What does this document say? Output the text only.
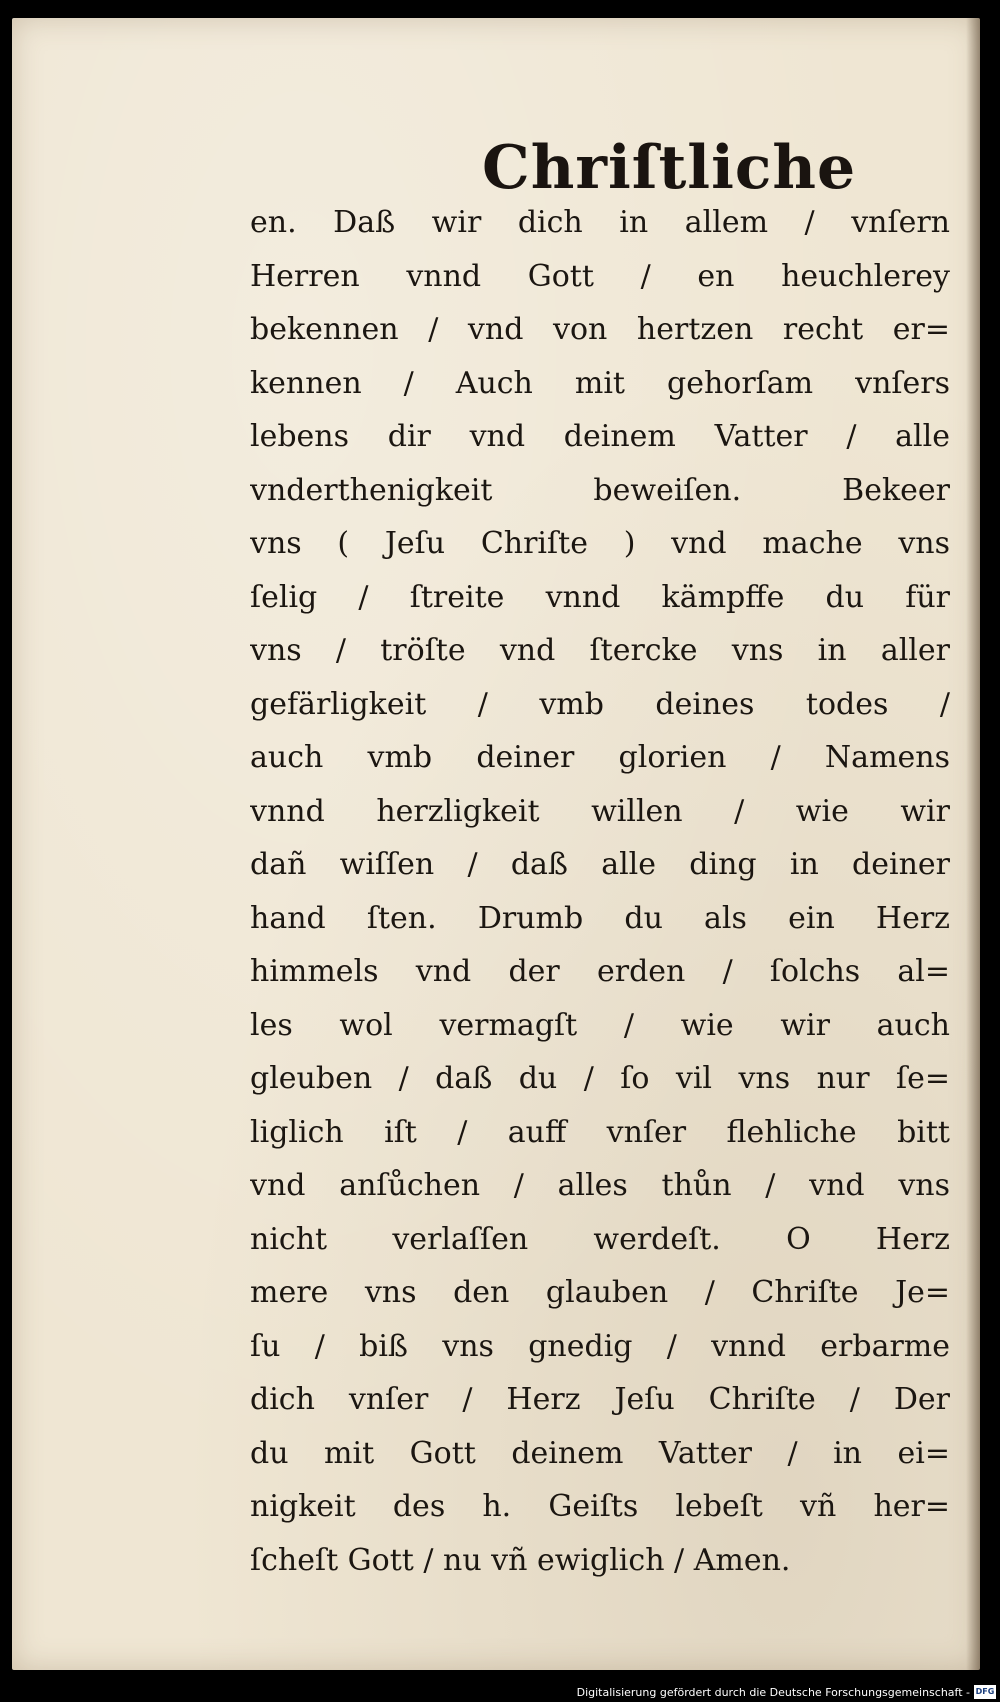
Chriſtliche
en. Daß wir dich in allem / vnſern
Herren vnnd Gott / en heuchlerey
bekennen / vnd von hertzen recht er=
kennen / Auch mit gehorſam vnſers
lebens dir vnd deinem Vatter / alle
vnderthenigkeit beweiſen. Bekeer
vns ( Jeſu Chriſte ) vnd mache vns
ſelig / ſtreite vnnd kämpffe du für
vns / tröſte vnd ſtercke vns in aller
gefärligkeit / vmb deines todes /
auch vmb deiner glorien / Namens
vnnd herzligkeit willen / wie wir
dañ wiſſen / daß alle ding in deiner
hand ſten. Drumb du als ein Herz
himmels vnd der erden / ſolchs al=
les wol vermagſt / wie wir auch
gleuben / daß du / ſo vil vns nur ſe=
liglich iſt / auff vnſer flehliche bitt
vnd anſůchen / alles thůn / vnd vns
nicht verlaſſen werdeſt. O Herz
mere vns den glauben / Chriſte Je=
ſu / biß vns gnedig / vnnd erbarme
dich vnſer / Herz Jeſu Chriſte / Der
du mit Gott deinem Vatter / in ei=
nigkeit des h. Geiſts lebeſt vñ her=
ſcheſt Gott / nu vñ ewiglich / Amen.
Digitalisierung gefördert durch die Deutsche Forschungsgemeinschaft - DFG
